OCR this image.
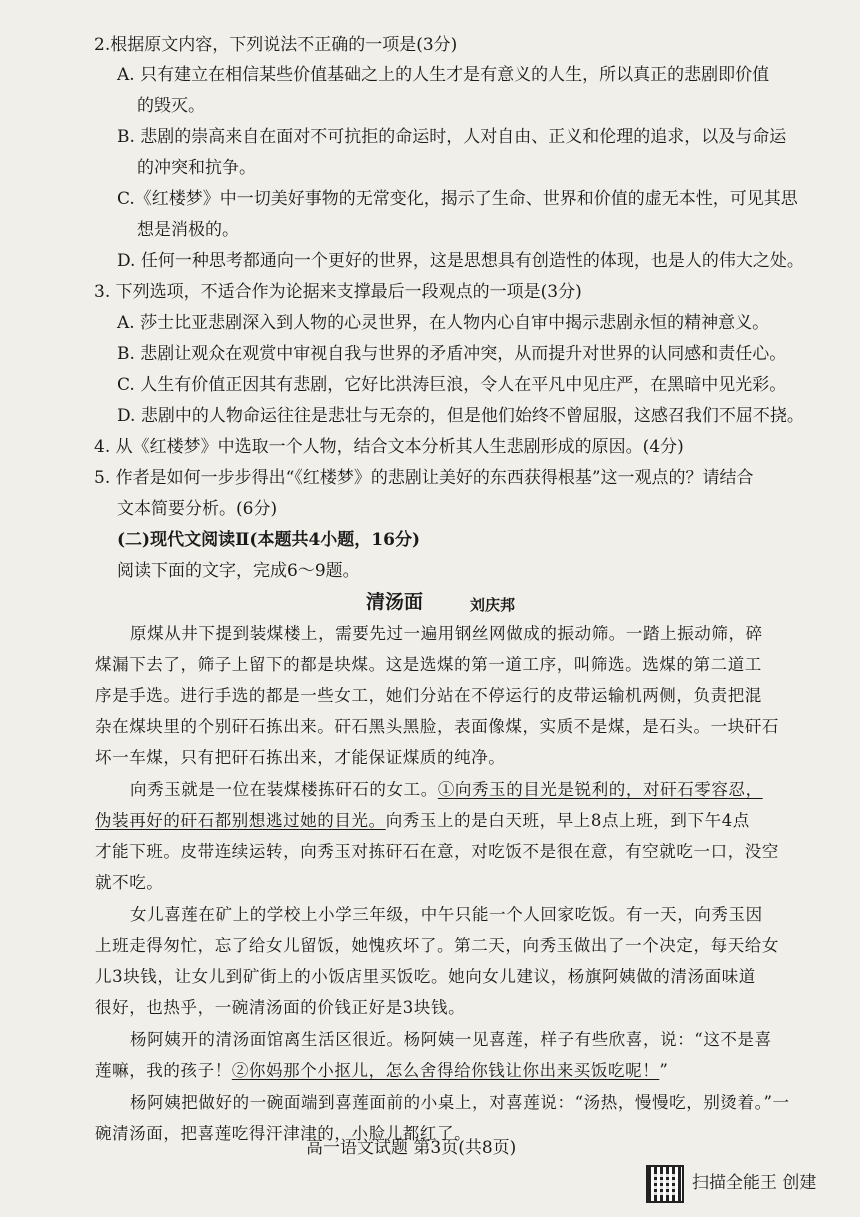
2.根据原文内容，下列说法不正确的一项是(3分)
A. 只有建立在相信某些价值基础之上的人生才是有意义的人生，所以真正的悲剧即价值
的毁灭。
B. 悲剧的崇高来自在面对不可抗拒的命运时，人对自由、正义和伦理的追求，以及与命运
的冲突和抗争。
C.《红楼梦》中一切美好事物的无常变化，揭示了生命、世界和价值的虚无本性，可见其思
想是消极的。
D. 任何一种思考都通向一个更好的世界，这是思想具有创造性的体现，也是人的伟大之处。
3. 下列选项，不适合作为论据来支撑最后一段观点的一项是(3分)
A. 莎士比亚悲剧深入到人物的心灵世界，在人物内心自审中揭示悲剧永恒的精神意义。
B. 悲剧让观众在观赏中审视自我与世界的矛盾冲突，从而提升对世界的认同感和责任心。
C. 人生有价值正因其有悲剧，它好比洪涛巨浪，令人在平凡中见庄严，在黑暗中见光彩。
D. 悲剧中的人物命运往往是悲壮与无奈的，但是他们始终不曾屈服，这感召我们不屈不挠。
4. 从《红楼梦》中选取一个人物，结合文本分析其人生悲剧形成的原因。(4分)
5. 作者是如何一步步得出“《红楼梦》的悲剧让美好的东西获得根基”这一观点的？请结合
文本简要分析。(6分)
(二)现代文阅读Ⅱ(本题共4小题，16分)
阅读下面的文字，完成6～9题。
清汤面	刘庆邦
原煤从井下提到装煤楼上，需要先过一遍用钢丝网做成的振动筛。一踏上振动筛，碎
煤漏下去了，筛子上留下的都是块煤。这是选煤的第一道工序，叫筛选。选煤的第二道工
序是手选。进行手选的都是一些女工，她们分站在不停运行的皮带运输机两侧，负责把混
杂在煤块里的个别矸石拣出来。矸石黑头黑脸，表面像煤，实质不是煤，是石头。一块矸石
坏一车煤，只有把矸石拣出来，才能保证煤质的纯净。
向秀玉就是一位在装煤楼拣矸石的女工。①向秀玉的目光是锐利的，对矸石零容忍，
伪装再好的矸石都别想逃过她的目光。向秀玉上的是白天班，早上8点上班，到下午4点
才能下班。皮带连续运转，向秀玉对拣矸石在意，对吃饭不是很在意，有空就吃一口，没空
就不吃。
女儿喜莲在矿上的学校上小学三年级，中午只能一个人回家吃饭。有一天，向秀玉因
上班走得匆忙，忘了给女儿留饭，她愧疚坏了。第二天，向秀玉做出了一个决定，每天给女
儿3块钱，让女儿到矿街上的小饭店里买饭吃。她向女儿建议，杨旗阿姨做的清汤面味道
很好，也热乎，一碗清汤面的价钱正好是3块钱。
杨阿姨开的清汤面馆离生活区很近。杨阿姨一见喜莲，样子有些欣喜，说：“这不是喜
莲嘛，我的孩子！②你妈那个小抠儿，怎么舍得给你钱让你出来买饭吃呢！”
杨阿姨把做好的一碗面端到喜莲面前的小桌上，对喜莲说：“汤热，慢慢吃，别烫着。”一
碗清汤面，把喜莲吃得汗津津的，小脸儿都红了。
高一语文试题 第3页(共8页)
扫描全能王 创建
